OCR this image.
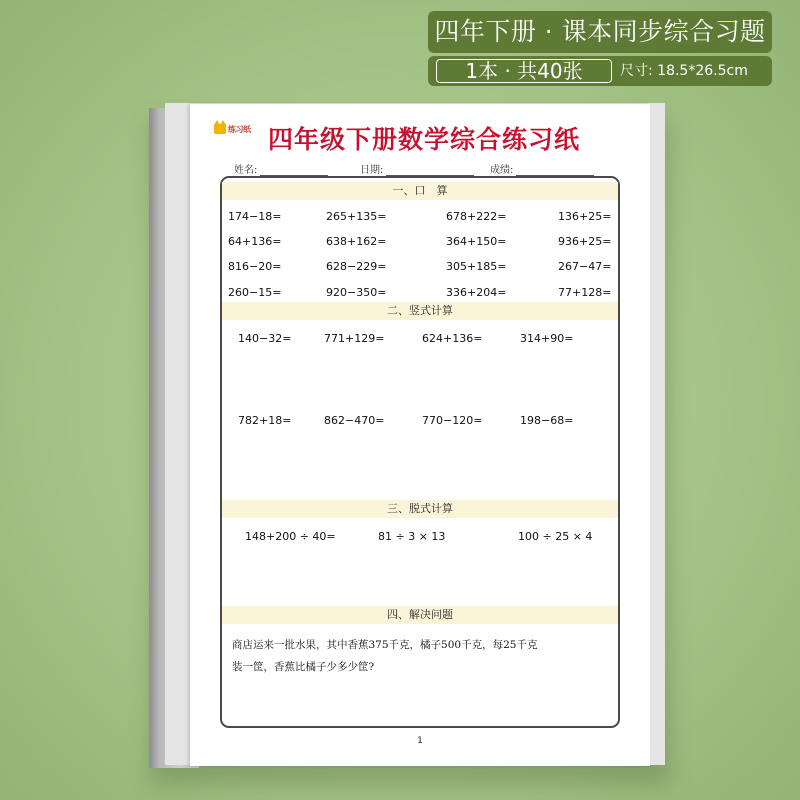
四年下册 · 课本同步综合习题
1本 · 共40张	尺寸: 18.5*26.5cm
练习纸 四年级下册数学综合练习纸
姓名:	日期:	成绩:
一、口　算
174−18=	265+135=	678+222=	136+25=
64+136=	638+162=	364+150=	936+25=
816−20=	628−229=	305+185=	267−47=
260−15=	920−350=	336+204=	77+128=
二、竖式计算
140−32=	771+129=	624+136=	314+90=
782+18=	862−470=	770−120=	198−68=
三、脱式计算
148+200 ÷ 40=	81 ÷ 3 × 13	100 ÷ 25 × 4
四、解决问题
商店运来一批水果，其中香蕉375千克，橘子500千克，每25千克
装一筐，香蕉比橘子少多少筐?
1
